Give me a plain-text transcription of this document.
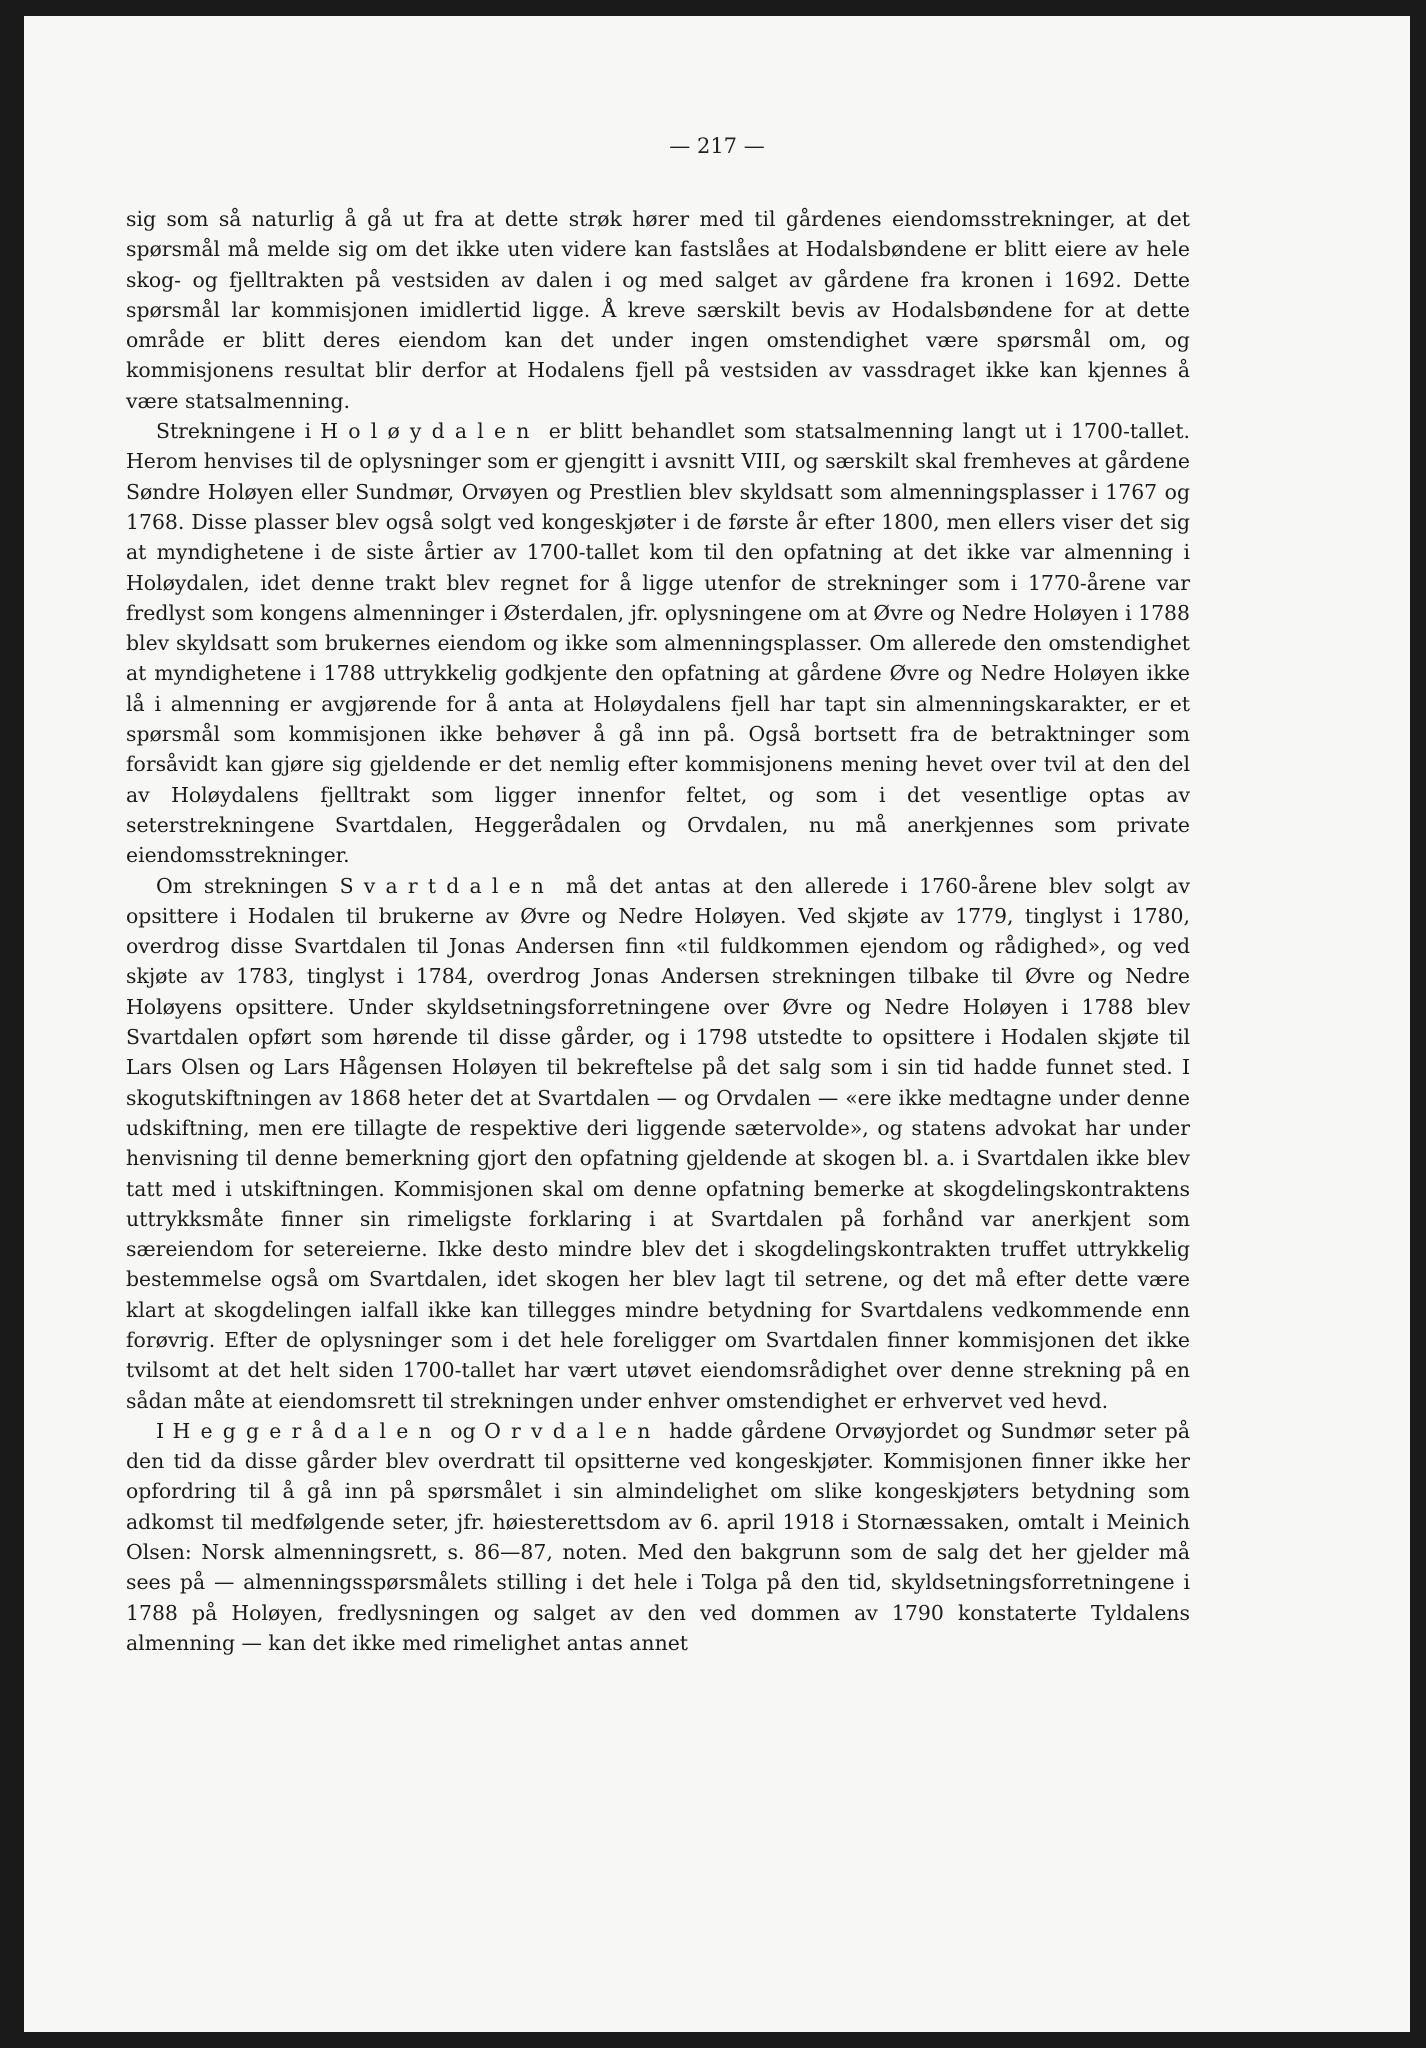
— 217 —

sig som så naturlig å gå ut fra at dette strøk hører med til gårdenes eiendomsstrekninger, at det spørsmål må melde sig om det ikke uten videre kan fastslåes at Hodalsbøndene er blitt eiere av hele skog- og fjelltrakten på vestsiden av dalen i og med salget av gårdene fra kronen i 1692. Dette spørsmål lar kommisjonen imidlertid ligge. Å kreve særskilt bevis av Hodalsbøndene for at dette område er blitt deres eiendom kan det under ingen omstendighet være spørsmål om, og kommisjonens resultat blir derfor at Hodalens fjell på vestsiden av vassdraget ikke kan kjennes å være statsalmenning.

Strekningene i Holøydalen er blitt behandlet som statsalmenning langt ut i 1700-tallet. Herom henvises til de oplysninger som er gjengitt i avsnitt VIII, og særskilt skal fremheves at gårdene Søndre Holøyen eller Sundmør, Orvøyen og Prestlien blev skyldsatt som almenningsplasser i 1767 og 1768. Disse plasser blev også solgt ved kongeskjøter i de første år efter 1800, men ellers viser det sig at myndighetene i de siste årtier av 1700-tallet kom til den opfatning at det ikke var almenning i Holøydalen, idet denne trakt blev regnet for å ligge utenfor de strekninger som i 1770-årene var fredlyst som kongens almenninger i Østerdalen, jfr. oplysningene om at Øvre og Nedre Holøyen i 1788 blev skyldsatt som brukernes eiendom og ikke som almenningsplasser. Om allerede den omstendighet at myndighetene i 1788 uttrykkelig godkjente den opfatning at gårdene Øvre og Nedre Holøyen ikke lå i almenning er avgjørende for å anta at Holøydalens fjell har tapt sin almenningskarakter, er et spørsmål som kommisjonen ikke behøver å gå inn på. Også bortsett fra de betraktninger som forsåvidt kan gjøre sig gjeldende er det nemlig efter kommisjonens mening hevet over tvil at den del av Holøydalens fjelltrakt som ligger innenfor feltet, og som i det vesentlige optas av seterstrekningene Svartdalen, Heggerådalen og Orvdalen, nu må anerkjennes som private eiendomsstrekninger.

Om strekningen Svartdalen må det antas at den allerede i 1760-årene blev solgt av opsittere i Hodalen til brukerne av Øvre og Nedre Holøyen. Ved skjøte av 1779, tinglyst i 1780, overdrog disse Svartdalen til Jonas Andersen finn «til fuldkommen ejendom og rådighed», og ved skjøte av 1783, tinglyst i 1784, overdrog Jonas Andersen strekningen tilbake til Øvre og Nedre Holøyens opsittere. Under skyldsetningsforretningene over Øvre og Nedre Holøyen i 1788 blev Svartdalen opført som hørende til disse gårder, og i 1798 utstedte to opsittere i Hodalen skjøte til Lars Olsen og Lars Hågensen Holøyen til bekreftelse på det salg som i sin tid hadde funnet sted. I skogutskiftningen av 1868 heter det at Svartdalen — og Orvdalen — «ere ikke medtagne under denne udskiftning, men ere tillagte de respektive deri liggende sætervolde», og statens advokat har under henvisning til denne bemerkning gjort den opfatning gjeldende at skogen bl. a. i Svartdalen ikke blev tatt med i utskiftningen. Kommisjonen skal om denne opfatning bemerke at skogdelingskontraktens uttrykksmåte finner sin rimeligste forklaring i at Svartdalen på forhånd var anerkjent som særeiendom for setereierne. Ikke desto mindre blev det i skogdelingskontrakten truffet uttrykkelig bestemmelse også om Svartdalen, idet skogen her blev lagt til setrene, og det må efter dette være klart at skogdelingen ialfall ikke kan tillegges mindre betydning for Svartdalens vedkommende enn forøvrig. Efter de oplysninger som i det hele foreligger om Svartdalen finner kommisjonen det ikke tvilsomt at det helt siden 1700-tallet har vært utøvet eiendomsrådighet over denne strekning på en sådan måte at eiendomsrett til strekningen under enhver omstendighet er erhvervet ved hevd.

I Heggerådalen og Orvdalen hadde gårdene Orvøyjordet og Sundmør seter på den tid da disse gårder blev overdratt til opsitterne ved kongeskjøter. Kommisjonen finner ikke her opfordring til å gå inn på spørsmålet i sin almindelighet om slike kongeskjøters betydning som adkomst til medfølgende seter, jfr. høiesterettsdom av 6. april 1918 i Stornæssaken, omtalt i Meinich Olsen: Norsk almenningsrett, s. 86—87, noten. Med den bakgrunn som de salg det her gjelder må sees på — almenningsspørsmålets stilling i det hele i Tolga på den tid, skyldsetningsforretningene i 1788 på Holøyen, fredlysningen og salget av den ved dommen av 1790 konstaterte Tyldalens almenning — kan det ikke med rimelighet antas annet
